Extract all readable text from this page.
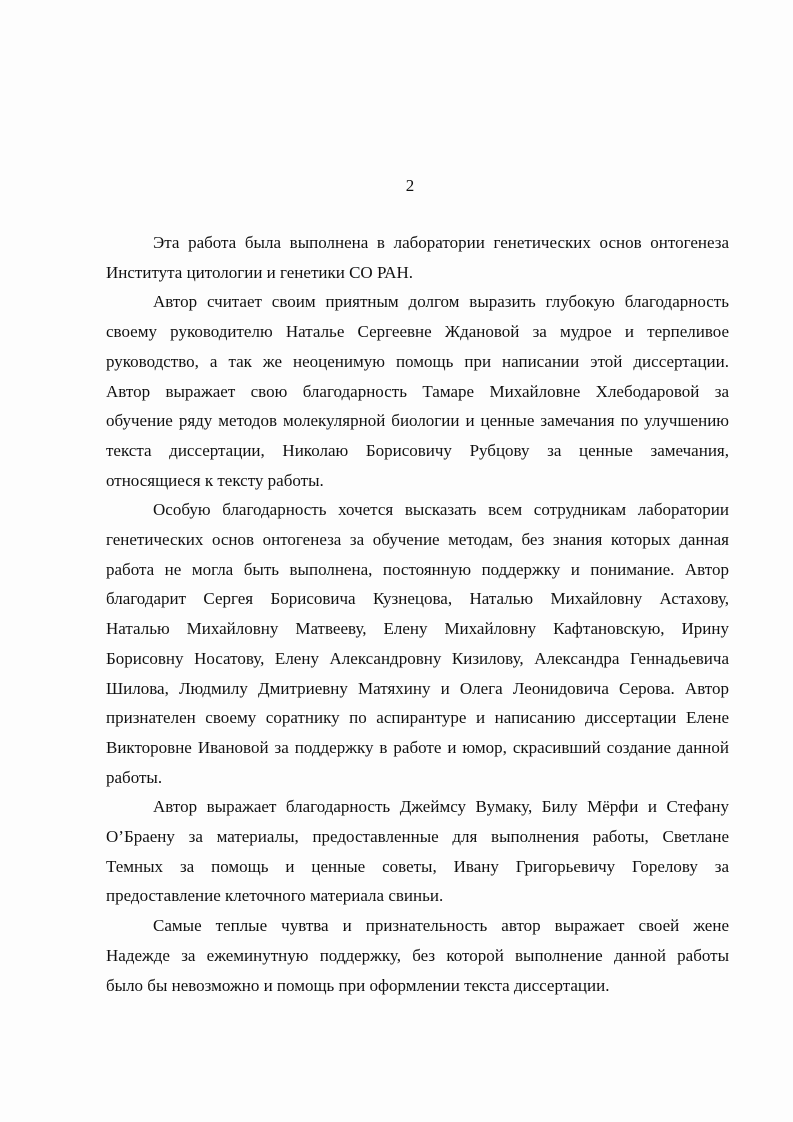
2

Эта работа была выполнена в лаборатории генетических основ онтогенеза
Института цитологии и генетики СО РАН.

Автор считает своим приятным долгом выразить глубокую благодарность
своему руководителю Наталье Сергеевне Ждановой за мудрое и терпеливое
руководство, а так же неоценимую помощь при написании этой диссертации.
Автор выражает свою благодарность Тамаре Михайловне Хлебодаровой за
обучение ряду методов молекулярной биологии и ценные замечания по улучшению
текста диссертации, Николаю Борисовичу Рубцову за ценные замечания,
относящиеся к тексту работы.

Особую благодарность хочется высказать всем сотрудникам лаборатории
генетических основ онтогенеза за обучение методам, без знания которых данная
работа не могла быть выполнена, постоянную поддержку и понимание. Автор
благодарит Сергея Борисовича Кузнецова, Наталью Михайловну Астахову,
Наталью Михайловну Матвееву, Елену Михайловну Кафтановскую, Ирину
Борисовну Носатову, Елену Александровну Кизилову, Александра Геннадьевича
Шилова, Людмилу Дмитриевну Матяхину и Олега Леонидовича Серова. Автор
признателен своему соратнику по аспирантуре и написанию диссертации Елене
Викторовне Ивановой за поддержку в работе и юмор, скрасивший создание данной
работы.

Автор выражает благодарность Джеймсу Вумаку, Билу Мёрфи и Стефану
О’Браену за материалы, предоставленные для выполнения работы, Светлане
Темных за помощь и ценные советы, Ивану Григорьевичу Горелову за
предоставление клеточного материала свиньи.

Самые теплые чувтва и признательность автор выражает своей жене
Надежде за ежеминутную поддержку, без которой выполнение данной работы
было бы невозможно и помощь при оформлении текста диссертации.
